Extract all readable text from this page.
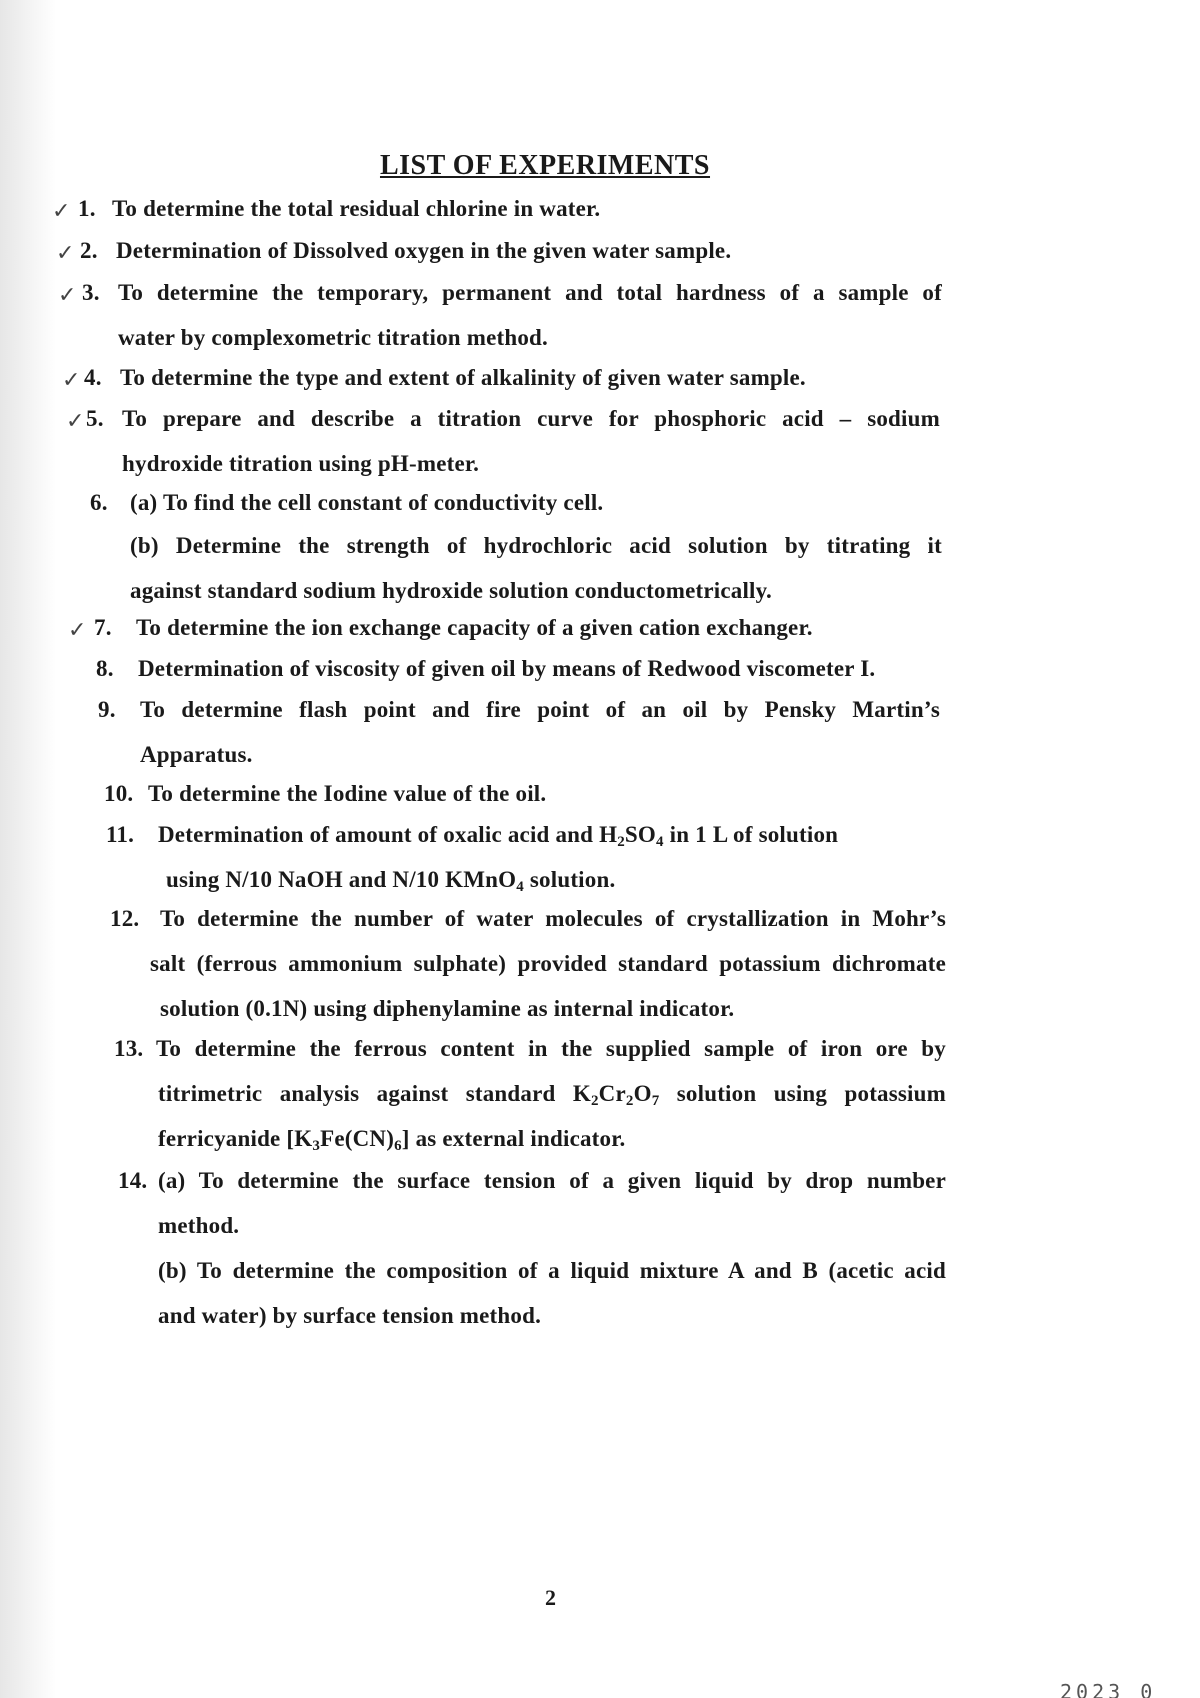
LIST OF EXPERIMENTS
✓ 1. To determine the total residual chlorine in water.
✓ 2. Determination of Dissolved oxygen in the given water sample.
✓ 3. To determine the temporary, permanent and total hardness of a sample of
water by complexometric titration method.
✓ 4. To determine the type and extent of alkalinity of given water sample.
✓ 5. To prepare and describe a titration curve for phosphoric acid – sodium
hydroxide titration using pH-meter.
6. (a) To find the cell constant of conductivity cell.
(b) Determine the strength of hydrochloric acid solution by titrating it
against standard sodium hydroxide solution conductometrically.
✓ 7. To determine the ion exchange capacity of a given cation exchanger.
8. Determination of viscosity of given oil by means of Redwood viscometer I.
9. To determine flash point and fire point of an oil by Pensky Martin’s
Apparatus.
10. To determine the Iodine value of the oil.
11. Determination of amount of oxalic acid and $H_2SO_4$ in 1 L of solution
using N/10 NaOH and N/10 KMnO$_4$ solution.
12. To determine the number of water molecules of crystallization in Mohr’s
salt (ferrous ammonium sulphate) provided standard potassium dichromate
solution (0.1N) using diphenylamine as internal indicator.
13. To determine the ferrous content in the supplied sample of iron ore by
titrimetric analysis against standard $K_2Cr_2O_7$ solution using potassium
ferricyanide $[K_3Fe(CN)_6]$ as external indicator.
14. (a) To determine the surface tension of a given liquid by drop number
method.
(b) To determine the composition of a liquid mixture A and B (acetic acid
and water) by surface tension method.
2
2023 0
